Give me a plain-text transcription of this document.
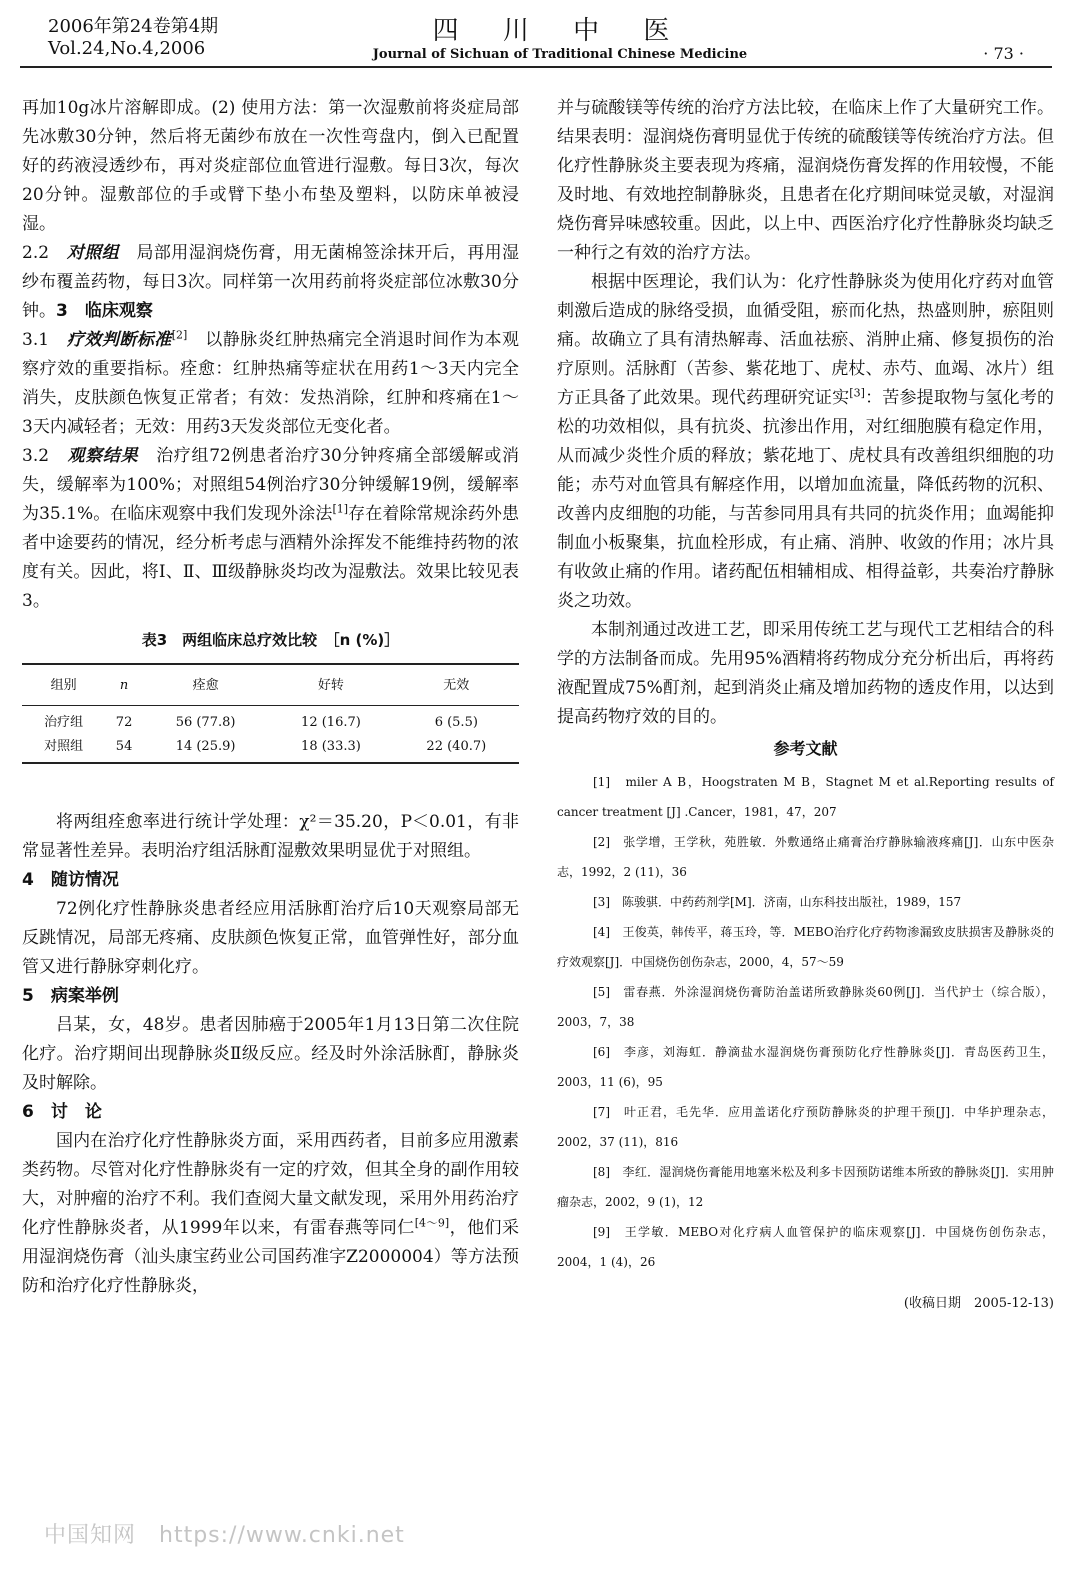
2006年第24卷第4期
Vol.24,No.4,2006
四 川 中 医
Journal of Sichuan of Traditional Chinese Medicine	· 73 ·

再加10g冰片溶解即成。(2) 使用方法：第一次湿敷前将炎症局部先冰敷30分钟，然后将无菌纱布放在一次性弯盘内，倒入已配置好的药液浸透纱布，再对炎症部位血管进行湿敷。每日3次，每次20分钟。湿敷部位的手或臂下垫小布垫及塑料，以防床单被浸湿。

2.2　 对照组　 局部用湿润烧伤膏，用无菌棉签涂抹开后，再用湿纱布覆盖药物，每日3次。同样第一次用药前将炎症部位冰敷30分钟。3　临床观察

3.1　 疗效判断标准[2]　 以静脉炎红肿热痛完全消退时间作为本观察疗效的重要指标。痊愈：红肿热痛等症状在用药1～3天内完全消失，皮肤颜色恢复正常者；有效：发热消除，红肿和疼痛在1～3天内减轻者；无效：用药3天发炎部位无变化者。

3.2　 观察结果　 治疗组72例患者治疗30分钟疼痛全部缓解或消失，缓解率为100%；对照组54例治疗30分钟缓解19例，缓解率为35.1%。在临床观察中我们发现外涂法[1]存在着除常规涂药外患者中途要药的情况，经分析考虑与酒精外涂挥发不能维持药物的浓度有关。因此，将Ⅰ、Ⅱ、Ⅲ级静脉炎均改为湿敷法。效果比较见表3。

表3　两组临床总疗效比较　［n (%)］
组别	n	痊愈	好转	无效
治疗组	72	56 (77.8)	12 (16.7)	6 (5.5)
对照组	54	14 (25.9)	18 (33.3)	22 (40.7)

将两组痊愈率进行统计学处理：χ²＝35.20，P＜0.01，有非常显著性差异。表明治疗组活脉酊湿敷效果明显优于对照组。

4　随访情况

72例化疗性静脉炎患者经应用活脉酊治疗后10天观察局部无反跳情况，局部无疼痛、皮肤颜色恢复正常，血管弹性好，部分血管又进行静脉穿刺化疗。

5　病案举例

吕某，女，48岁。患者因肺癌于2005年1月13日第二次住院化疗。治疗期间出现静脉炎Ⅱ级反应。经及时外涂活脉酊，静脉炎及时解除。

6　讨　论

国内在治疗化疗性静脉炎方面，采用西药者，目前多应用激素类药物。尽管对化疗性静脉炎有一定的疗效，但其全身的副作用较大，对肿瘤的治疗不利。我们查阅大量文献发现，采用外用药治疗化疗性静脉炎者，从1999年以来，有雷春燕等同仁[4～9]，他们采用湿润烧伤膏（汕头康宝药业公司国药准字Z2000004）等方法预防和治疗化疗性静脉炎，

并与硫酸镁等传统的治疗方法比较，在临床上作了大量研究工作。结果表明：湿润烧伤膏明显优于传统的硫酸镁等传统治疗方法。但化疗性静脉炎主要表现为疼痛，湿润烧伤膏发挥的作用较慢，不能及时地、有效地控制静脉炎，且患者在化疗期间味觉灵敏，对湿润烧伤膏异味感较重。因此，以上中、西医治疗化疗性静脉炎均缺乏一种行之有效的治疗方法。

根据中医理论，我们认为：化疗性静脉炎为使用化疗药对血管刺激后造成的脉络受损，血循受阻，瘀而化热，热盛则肿，瘀阻则痛。故确立了具有清热解毒、活血祛瘀、消肿止痛、修复损伤的治疗原则。活脉酊（苦参、紫花地丁、虎杖、赤芍、血竭、冰片）组方正具备了此效果。现代药理研究证实[3]：苦参提取物与氢化考的松的功效相似，具有抗炎、抗渗出作用，对红细胞膜有稳定作用，从而减少炎性介质的释放；紫花地丁、虎杖具有改善组织细胞的功能；赤芍对血管具有解痉作用，以增加血流量，降低药物的沉积、改善内皮细胞的功能，与苦参同用具有共同的抗炎作用；血竭能抑制血小板聚集，抗血栓形成，有止痛、消肿、收敛的作用；冰片具有收敛止痛的作用。诸药配伍相辅相成、相得益彰，共奏治疗静脉炎之功效。

本制剂通过改进工艺，即采用传统工艺与现代工艺相结合的科学的方法制备而成。先用95%酒精将药物成分充分析出后，再将药液配置成75%酊剂，起到消炎止痛及增加药物的透皮作用，以达到提高药物疗效的目的。

参考文献

[1]　miler A B，Hoogstraten M B，Stagnet M et al.Reporting results of cancer treatment [J] .Cancer，1981，47，207

[2]　张学增，王学秋，苑胜敏．外敷通络止痛膏治疗静脉输液疼痛[J]．山东中医杂志，1992，2 (11)，36

[3]　陈骏骐．中药药剂学[M]．济南，山东科技出版社，1989，157

[4]　王俊英，韩传平，蒋玉玲，等．MEBO治疗化疗药物渗漏致皮肤损害及静脉炎的疗效观察[J]．中国烧伤创伤杂志，2000，4，57～59

[5]　雷春燕．外涂湿润烧伤膏防治盖诺所致静脉炎60例[J]．当代护士（综合版），2003，7，38

[6]　李彦，刘海虹．静滴盐水湿润烧伤膏预防化疗性静脉炎[J]．青岛医药卫生，2003，11 (6)，95

[7]　叶正君，毛先华．应用盖诺化疗预防静脉炎的护理干预[J]．中华护理杂志，2002，37 (11)，816

[8]　李红．湿润烧伤膏能用地塞米松及利多卡因预防诺维本所致的静脉炎[J]．实用肿瘤杂志，2002，9 (1)，12

[9]　王学敏．MEBO对化疗病人血管保护的临床观察[J]．中国烧伤创伤杂志，2004，1 (4)，26

(收稿日期　2005-12-13)
中国知网　https://www.cnki.net
